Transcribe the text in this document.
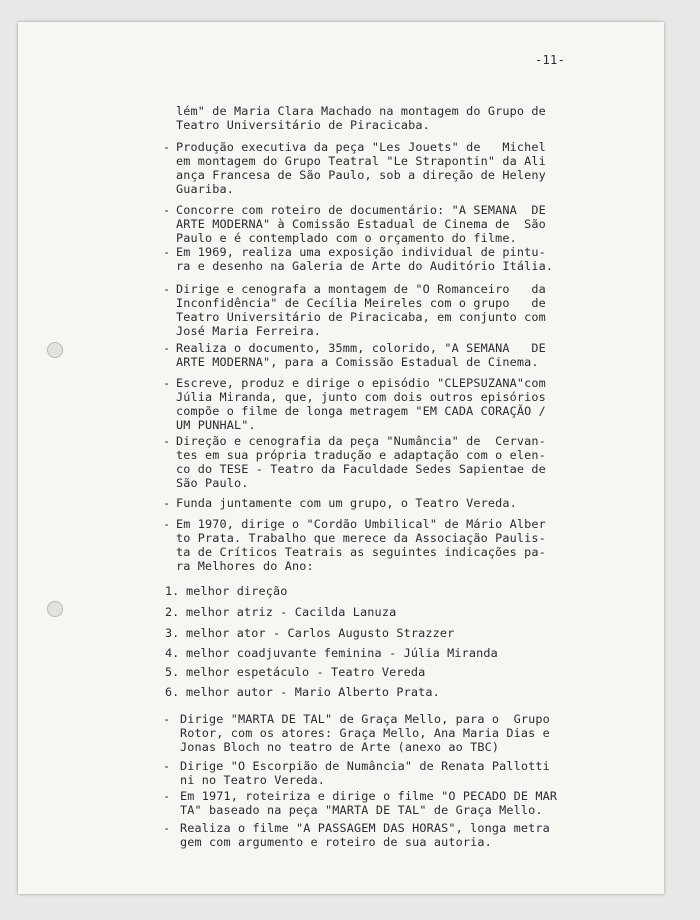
-11-
lém" de Maria Clara Machado na montagem do Grupo de
Teatro Universitário de Piracicaba.
- Produção executiva da peça "Les Jouets" de   Michel
em montagem do Grupo Teatral "Le Strapontin" da Ali
ança Francesa de São Paulo, sob a direção de Heleny
Guariba.
- Concorre com roteiro de documentário: "A SEMANA  DE
ARTE MODERNA" à Comissão Estadual de Cinema de  São
Paulo e é contemplado com o orçamento do filme.
- Em 1969, realiza uma exposição individual de pintu-
ra e desenho na Galeria de Arte do Auditório Itália.
- Dirige e cenografa a montagem de "O Romanceiro   da
Inconfidência" de Cecília Meireles com o grupo   de
Teatro Universitário de Piracicaba, em conjunto com
José Maria Ferreira.
- Realiza o documento, 35mm, colorido, "A SEMANA   DE
ARTE MODERNA", para a Comissão Estadual de Cinema.
- Escreve, produz e dirige o episódio "CLEPSUZANA"com
Júlia Miranda, que, junto com dois outros episórios
compõe o filme de longa metragem "EM CADA CORAÇÃO /
UM PUNHAL".
- Direção e cenografia da peça "Numância" de  Cervan-
tes em sua própria tradução e adaptação com o elen-
co do TESE - Teatro da Faculdade Sedes Sapientae de
São Paulo.
- Funda juntamente com um grupo, o Teatro Vereda.
- Em 1970, dirige o "Cordão Umbilical" de Mário Alber
to Prata. Trabalho que merece da Associação Paulis-
ta de Críticos Teatrais as seguintes indicações pa-
ra Melhores do Ano:
1. melhor direção
2. melhor atriz - Cacilda Lanuza
3. melhor ator - Carlos Augusto Strazzer
4. melhor coadjuvante feminina - Júlia Miranda
5. melhor espetáculo - Teatro Vereda
6. melhor autor - Mario Alberto Prata.
- Dirige "MARTA DE TAL" de Graça Mello, para o  Grupo
Rotor, com os atores: Graça Mello, Ana Maria Dias e
Jonas Bloch no teatro de Arte (anexo ao TBC)
- Dirige "O Escorpião de Numância" de Renata Pallotti
ni no Teatro Vereda.
- Em 1971, roteiriza e dirige o filme "O PECADO DE MAR
TA" baseado na peça "MARTA DE TAL" de Graça Mello.
- Realiza o filme "A PASSAGEM DAS HORAS", longa metra
gem com argumento e roteiro de sua autoria.
